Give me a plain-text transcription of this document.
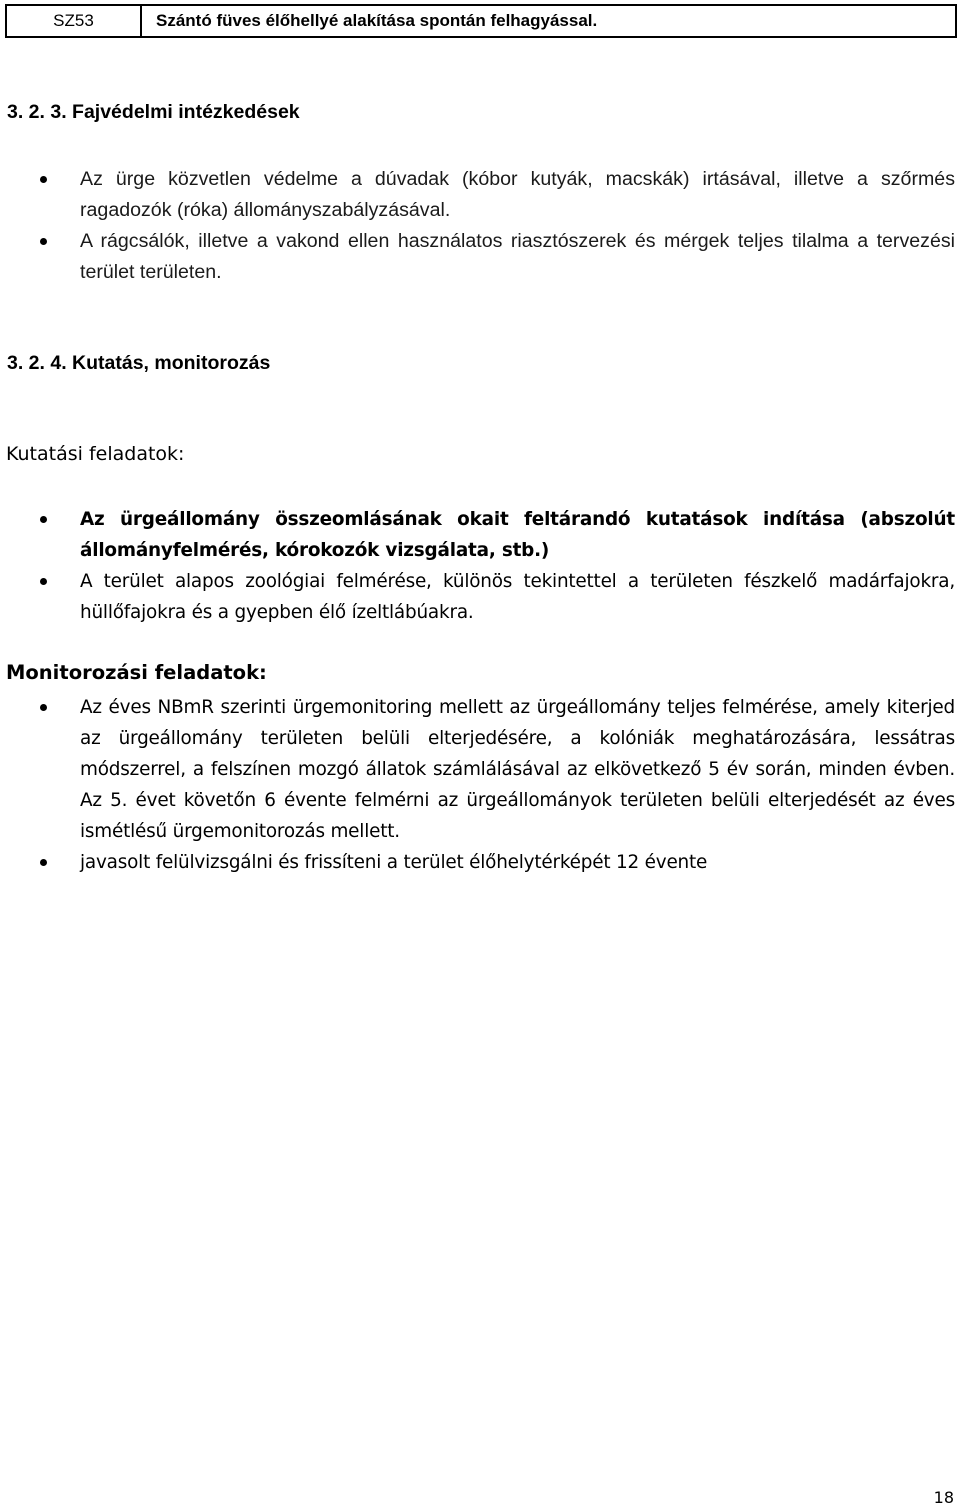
SZ53	Szántó füves élőhellyé alakítása spontán felhagyással.
3. 2. 3. Fajvédelmi intézkedések
Az ürge közvetlen védelme a dúvadak (kóbor kutyák, macskák) irtásával, illetve a szőrmés ragadozók (róka) állományszabályzásával.
A rágcsálók, illetve a vakond ellen használatos riasztószerek és mérgek teljes tilalma a tervezési terület területen.
3. 2. 4. Kutatás, monitorozás

Kutatási feladatok:

Az ürgeállomány összeomlásának okait feltárandó kutatások indítása (abszolút állományfelmérés, kórokozók vizsgálata, stb.)
A terület alapos zoológiai felmérése, különös tekintettel a területen fészkelő madárfajokra, hüllőfajokra és a gyepben élő ízeltlábúakra.

Monitorozási feladatok:

Az éves NBmR szerinti ürgemonitoring mellett az ürgeállomány teljes felmérése, amely kiterjed az ürgeállomány területen belüli elterjedésére, a kolóniák meghatározására, lessátras módszerrel, a felszínen mozgó állatok számlálásával az elkövetkező 5 év során, minden évben. Az 5. évet követőn 6 évente felmérni az ürgeállományok területen belüli elterjedését az éves ismétlésű ürgemonitorozás mellett.
javasolt felülvizsgálni és frissíteni a terület élőhelytérképét 12 évente
18
